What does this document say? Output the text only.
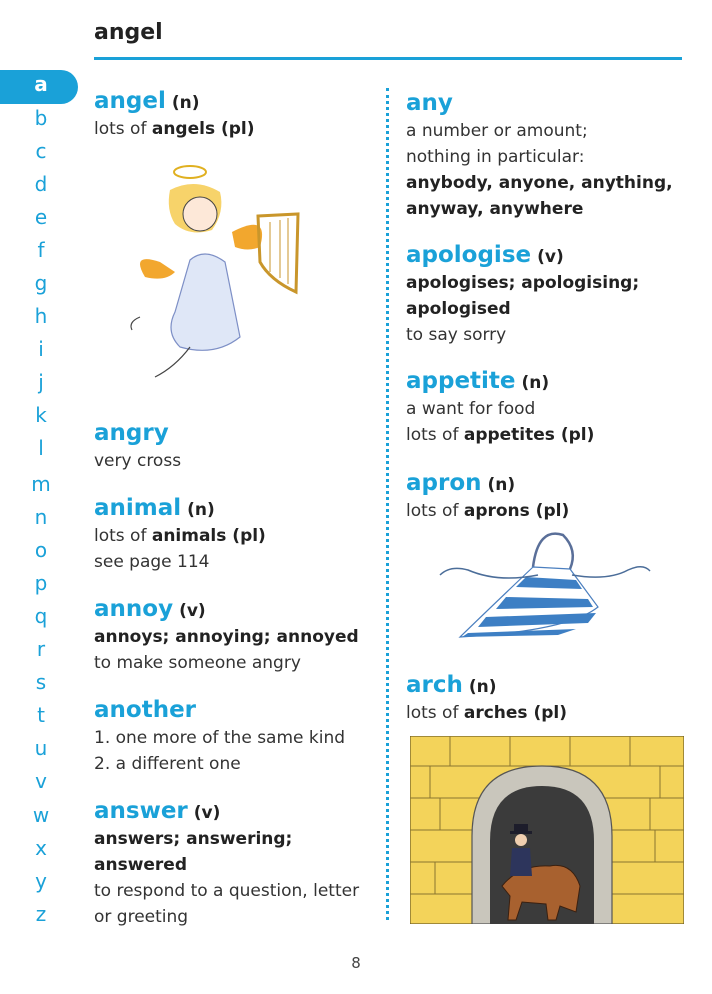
angel
a
b
c
d
e
f
g
h
i
j
k
l
m
n
o
p
q
r
s
t
u
v
w
x
y
z
angel (n)
lots of angels (pl)
angry
very cross
animal (n)
lots of animals (pl)
see page 114
annoy (v)
annoys; annoying; annoyed
to make someone angry
another
1. one more of the same kind
2. a different one
answer (v)
answers; answering;
answered
to respond to a question, letter
or greeting
any
a number or amount;
nothing in particular:
anybody, anyone, anything,
anyway, anywhere
apologise (v)
apologises; apologising;
apologised
to say sorry
appetite (n)
a want for food
lots of appetites (pl)
apron (n)
lots of aprons (pl)
arch (n)
lots of arches (pl)
8
